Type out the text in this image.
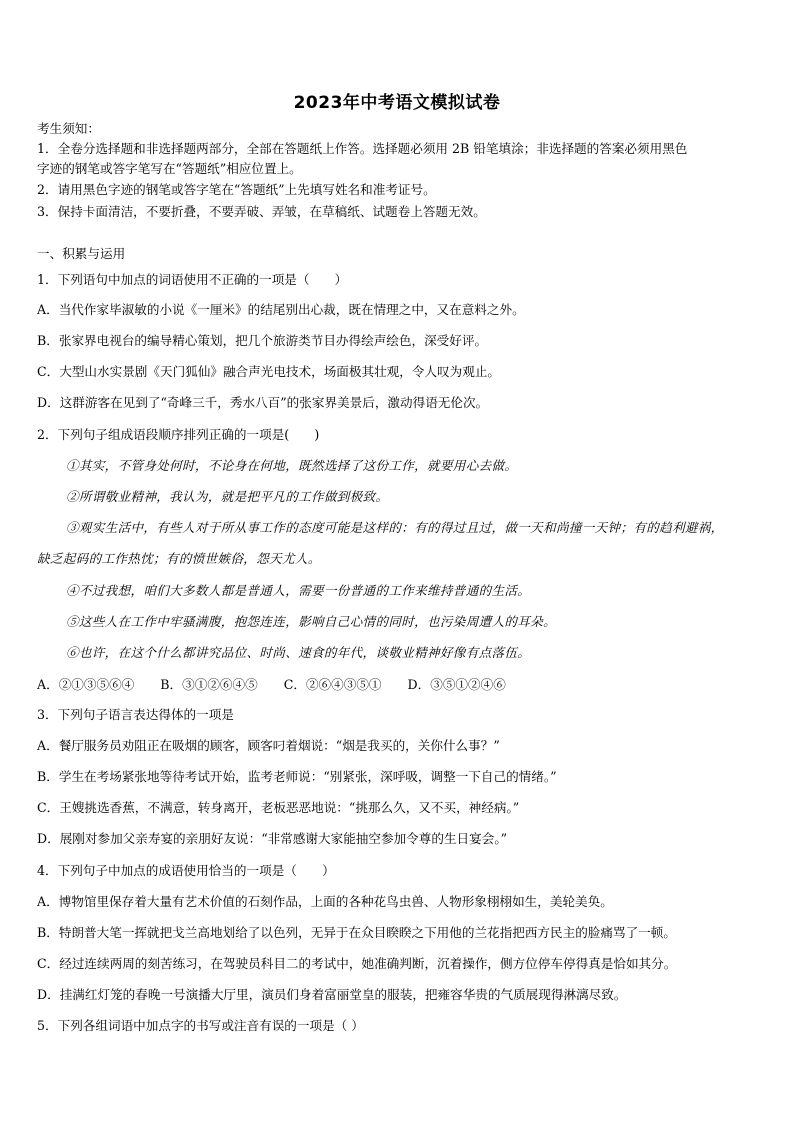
2023年中考语文模拟试卷
考生须知：
1．全卷分选择题和非选择题两部分，全部在答题纸上作答。选择题必须用 2B 铅笔填涂；非选择题的答案必须用黑色
字迹的钢笔或答字笔写在“答题纸”相应位置上。
2．请用黑色字迹的钢笔或答字笔在“答题纸”上先填写姓名和准考证号。
3．保持卡面清洁，不要折叠，不要弄破、弄皱，在草稿纸、试题卷上答题无效。
一、积累与运用
1．下列语句中加点的词语使用不正确的一项是（　　）
A．当代作家毕淑敏的小说《一厘米》的结尾别出心裁，既在情理之中，又在意料之外。
B．张家界电视台的编导精心策划，把几个旅游类节目办得绘声绘色，深受好评。
C．大型山水实景剧《天门狐仙》融合声光电技术，场面极其壮观，令人叹为观止。
D．这群游客在见到了“奇峰三千，秀水八百”的张家界美景后，激动得语无伦次。
2．下列句子组成语段顺序排列正确的一项是(　　)
①其实，不管身处何时，不论身在何地，既然选择了这份工作，就要用心去做。
②所谓敬业精神，我认为，就是把平凡的工作做到极致。
③观实生活中，有些人对于所从事工作的态度可能是这样的：有的得过且过，做一天和尚撞一天钟；有的趋利避祸，
缺乏起码的工作热忱；有的愤世嫉俗，怨天尤人。
④不过我想，咱们大多数人都是普通人，需要一份普通的工作来维持普通的生活。
⑤这些人在工作中牢骚满腹，抱怨连连，影响自己心情的同时，也污染周遭人的耳朵。
⑥也许，在这个什么都讲究品位、时尚、速食的年代，谈敬业精神好像有点落伍。
A．②①③⑤⑥④ B．③①②⑥④⑤ C．②⑥④③⑤① D．③⑤①②④⑥
3．下列句子语言表达得体的一项是
A．餐厅服务员劝阻正在吸烟的顾客，顾客叼着烟说：“烟是我买的，关你什么事？”
B．学生在考场紧张地等待考试开始，监考老师说：“别紧张，深呼吸，调整一下自己的情绪。”
C．王嫂挑选香蕉，不满意，转身离开，老板恶恶地说：“挑那么久，又不买，神经病。”
D．展刚对参加父亲寿宴的亲朋好友说：“非常感谢大家能抽空参加令尊的生日宴会。”
4．下列句子中加点的成语使用恰当的一项是（　　）
A．博物馆里保存着大量有艺术价值的石刻作品，上面的各种花鸟虫兽、人物形象栩栩如生，美轮美奂。
B．特朗普大笔一挥就把戈兰高地划给了以色列，无异于在众目睽睽之下用他的兰花指把西方民主的脸痛骂了一顿。
C．经过连续两周的刻苦练习，在驾驶员科目二的考试中，她准确判断，沉着操作，侧方位停车停得真是恰如其分。
D．挂满红灯笼的春晚一号演播大厅里，演员们身着富丽堂皇的服装，把雍容华贵的气质展现得淋漓尽致。
5．下列各组词语中加点字的书写或注音有误的一项是（ ）
